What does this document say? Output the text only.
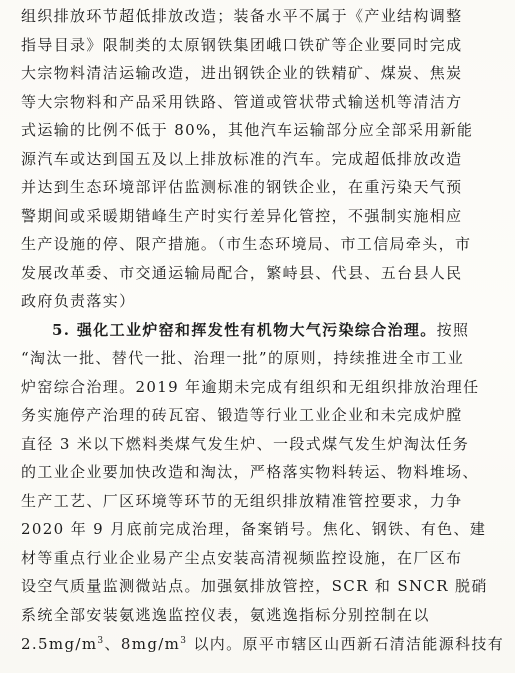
组织排放环节超低排放改造；装备水平不属于《产业结构调整
指导目录》限制类的太原钢铁集团峨口铁矿等企业要同时完成
大宗物料清洁运输改造，进出钢铁企业的铁精矿、煤炭、焦炭
等大宗物料和产品采用铁路、管道或管状带式输送机等清洁方
式运输的比例不低于 80%，其他汽车运输部分应全部采用新能
源汽车或达到国五及以上排放标准的汽车。完成超低排放改造
并达到生态环境部评估监测标准的钢铁企业，在重污染天气预
警期间或采暖期错峰生产时实行差异化管控，不强制实施相应
生产设施的停、限产措施。（市生态环境局、市工信局牵头，市
发展改革委、市交通运输局配合，繁峙县、代县、五台县人民
政府负责落实）
5. 强化工业炉窑和挥发性有机物大气污染综合治理。按照
“淘汰一批、替代一批、治理一批”的原则，持续推进全市工业
炉窑综合治理。2019 年逾期未完成有组织和无组织排放治理任
务实施停产治理的砖瓦窑、锻造等行业工业企业和未完成炉膛
直径 3 米以下燃料类煤气发生炉、一段式煤气发生炉淘汰任务
的工业企业要加快改造和淘汰，严格落实物料转运、物料堆场、
生产工艺、厂区环境等环节的无组织排放精准管控要求，力争
2020 年 9 月底前完成治理，备案销号。焦化、钢铁、有色、建
材等重点行业企业易产尘点安装高清视频监控设施，在厂区布
设空气质量监测微站点。加强氨排放管控，SCR 和 SNCR 脱硝
系统全部安装氨逃逸监控仪表，氨逃逸指标分别控制在以
$2.5mg/m^3$、$8mg/m^3$ 以内。原平市辖区山西新石清洁能源科技有
